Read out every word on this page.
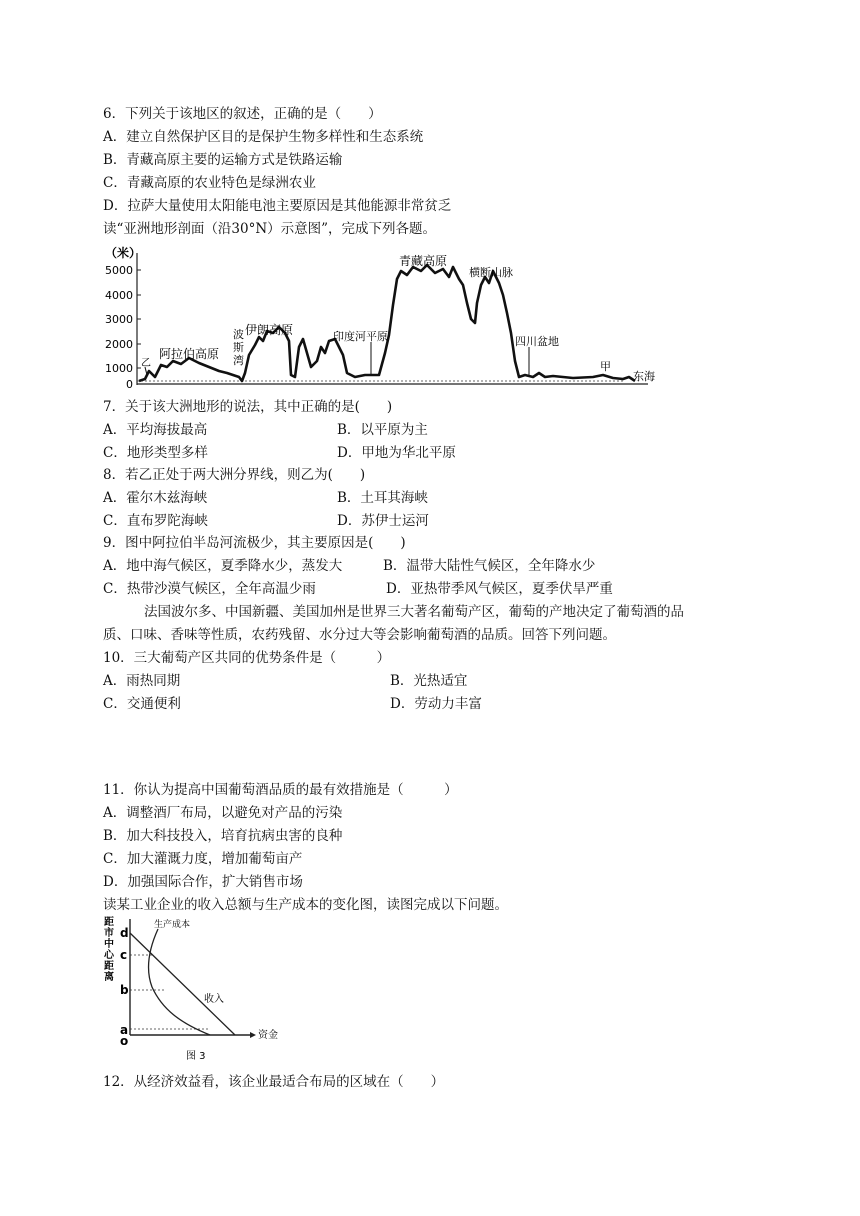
6．下列关于该地区的叙述，正确的是（　　）
A．建立自然保护区目的是保护生物多样性和生态系统
B．青藏高原主要的运输方式是铁路运输
C．青藏高原的农业特色是绿洲农业
D．拉萨大量使用太阳能电池主要原因是其他能源非常贫乏
读“亚洲地形剖面（沿30°N）示意图”，完成下列各题。
（米）
5000
4000
3000
2000
1000
0
乙
阿拉伯高原
波
斯
湾
伊朗高原	印度河平原
青藏高原
横断山脉
四川盆地
甲
东海
7．关于该大洲地形的说法，其中正确的是(　　)
A．平均海拔最高	B．以平原为主
C．地形类型多样	D．甲地为华北平原
8．若乙正处于两大洲分界线，则乙为(　　)
A．霍尔木兹海峡	B．土耳其海峡
C．直布罗陀海峡	D．苏伊士运河
9．图中阿拉伯半岛河流极少，其主要原因是(　　)
A．地中海气候区，夏季降水少，蒸发大	B．温带大陆性气候区，全年降水少
C．热带沙漠气候区，全年高温少雨	D．亚热带季风气候区，夏季伏旱严重
法国波尔多、中国新疆、美国加州是世界三大著名葡萄产区，葡萄的产地决定了葡萄酒的品
质、口味、香味等性质，农药残留、水分过大等会影响葡萄酒的品质。回答下列问题。
10．三大葡萄产区共同的优势条件是（　　　）
A．雨热同期	B．光热适宜
C．交通便利	D．劳动力丰富
11．你认为提高中国葡萄酒品质的最有效措施是（　　　）
A．调整酒厂布局，以避免对产品的污染
B．加大科技投入，培育抗病虫害的良种
C．加大灌溉力度，增加葡萄亩产
D．加强国际合作，扩大销售市场
读某工业企业的收入总额与生产成本的变化图，读图完成以下问题。
距
市
中
心
距
离
资金
d
c
b
a
o
生产成本
收入
图 3
12．从经济效益看，该企业最适合布局的区域在（　　）
